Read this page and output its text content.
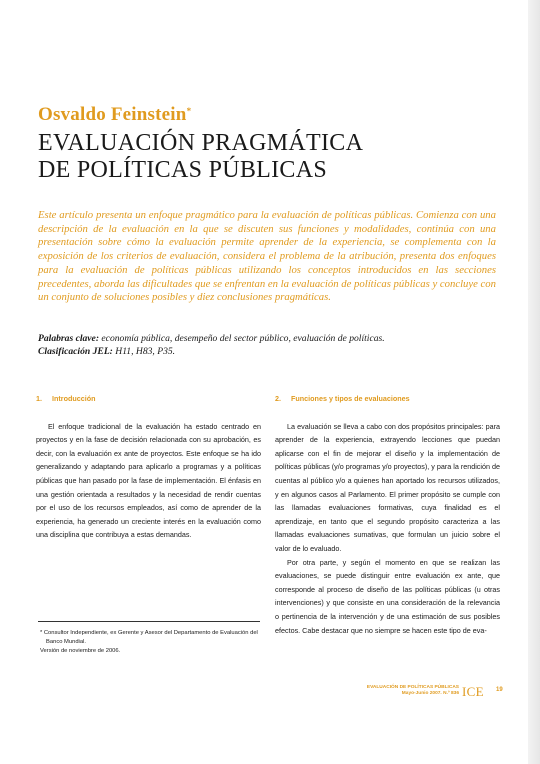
Osvaldo Feinstein*
EVALUACIÓN PRAGMÁTICA
DE POLÍTICAS PÚBLICAS
Este artículo presenta un enfoque pragmático para la evaluación de políticas públicas. Comienza con una descripción de la evaluación en la que se discuten sus funciones y modalidades, continúa con una presentación sobre cómo la evaluación permite aprender de la experiencia, se complementa con la exposición de los criterios de evaluación, considera el problema de la atribución, presenta dos enfoques para la evaluación de políticas públicas utilizando los conceptos introducidos en las secciones precedentes, aborda las dificultades que se enfrentan en la evaluación de políticas públicas y concluye con un conjunto de soluciones posibles y diez conclusiones pragmáticas.
Palabras clave: economía pública, desempeño del sector público, evaluación de políticas.
Clasificación JEL: H11, H83, P35.
1. Introducción

El enfoque tradicional de la evaluación ha estado centrado en proyectos y en la fase de decisión relacionada con su aprobación, es decir, con la evaluación ex ante de proyectos. Este enfoque se ha ido generalizando y adaptando para aplicarlo a programas y a políticas públicas que han pasado por la fase de implementación. El énfasis en una gestión orientada a resultados y la necesidad de rendir cuentas por el uso de los recursos empleados, así como de aprender de la experiencia, ha generado un creciente interés en la evaluación como una disciplina que contribuya a estas demandas.

2. Funciones y tipos de evaluaciones

La evaluación se lleva a cabo con dos propósitos principales: para aprender de la experiencia, extrayendo lecciones que puedan aplicarse con el fin de mejorar el diseño y la implementación de políticas públicas (y/o programas y/o proyectos), y para la rendición de cuentas al público y/o a quienes han aportado los recursos utilizados, y en algunos casos al Parlamento. El primer propósito se cumple con las llamadas evaluaciones formativas, cuya finalidad es el aprendizaje, en tanto que el segundo propósito caracteriza a las llamadas evaluaciones sumativas, que formulan un juicio sobre el valor de lo evaluado.

Por otra parte, y según el momento en que se realizan las evaluaciones, se puede distinguir entre evaluación ex ante, que corresponde al proceso de diseño de las políticas públicas (u otras intervenciones) y que consiste en una consideración de la relevancia o pertinencia de la intervención y de una estimación de sus posibles efectos. Cabe destacar que no siempre se hacen este tipo de eva-

* Consultor Independiente, ex Gerente y Asesor del Departamento de Evaluación del Banco Mundial.

Versión de noviembre de 2006.

EVALUACIÓN DE POLÍTICAS PÚBLICAS
Mayo-Junio 2007. N.º 836 ICE 19
